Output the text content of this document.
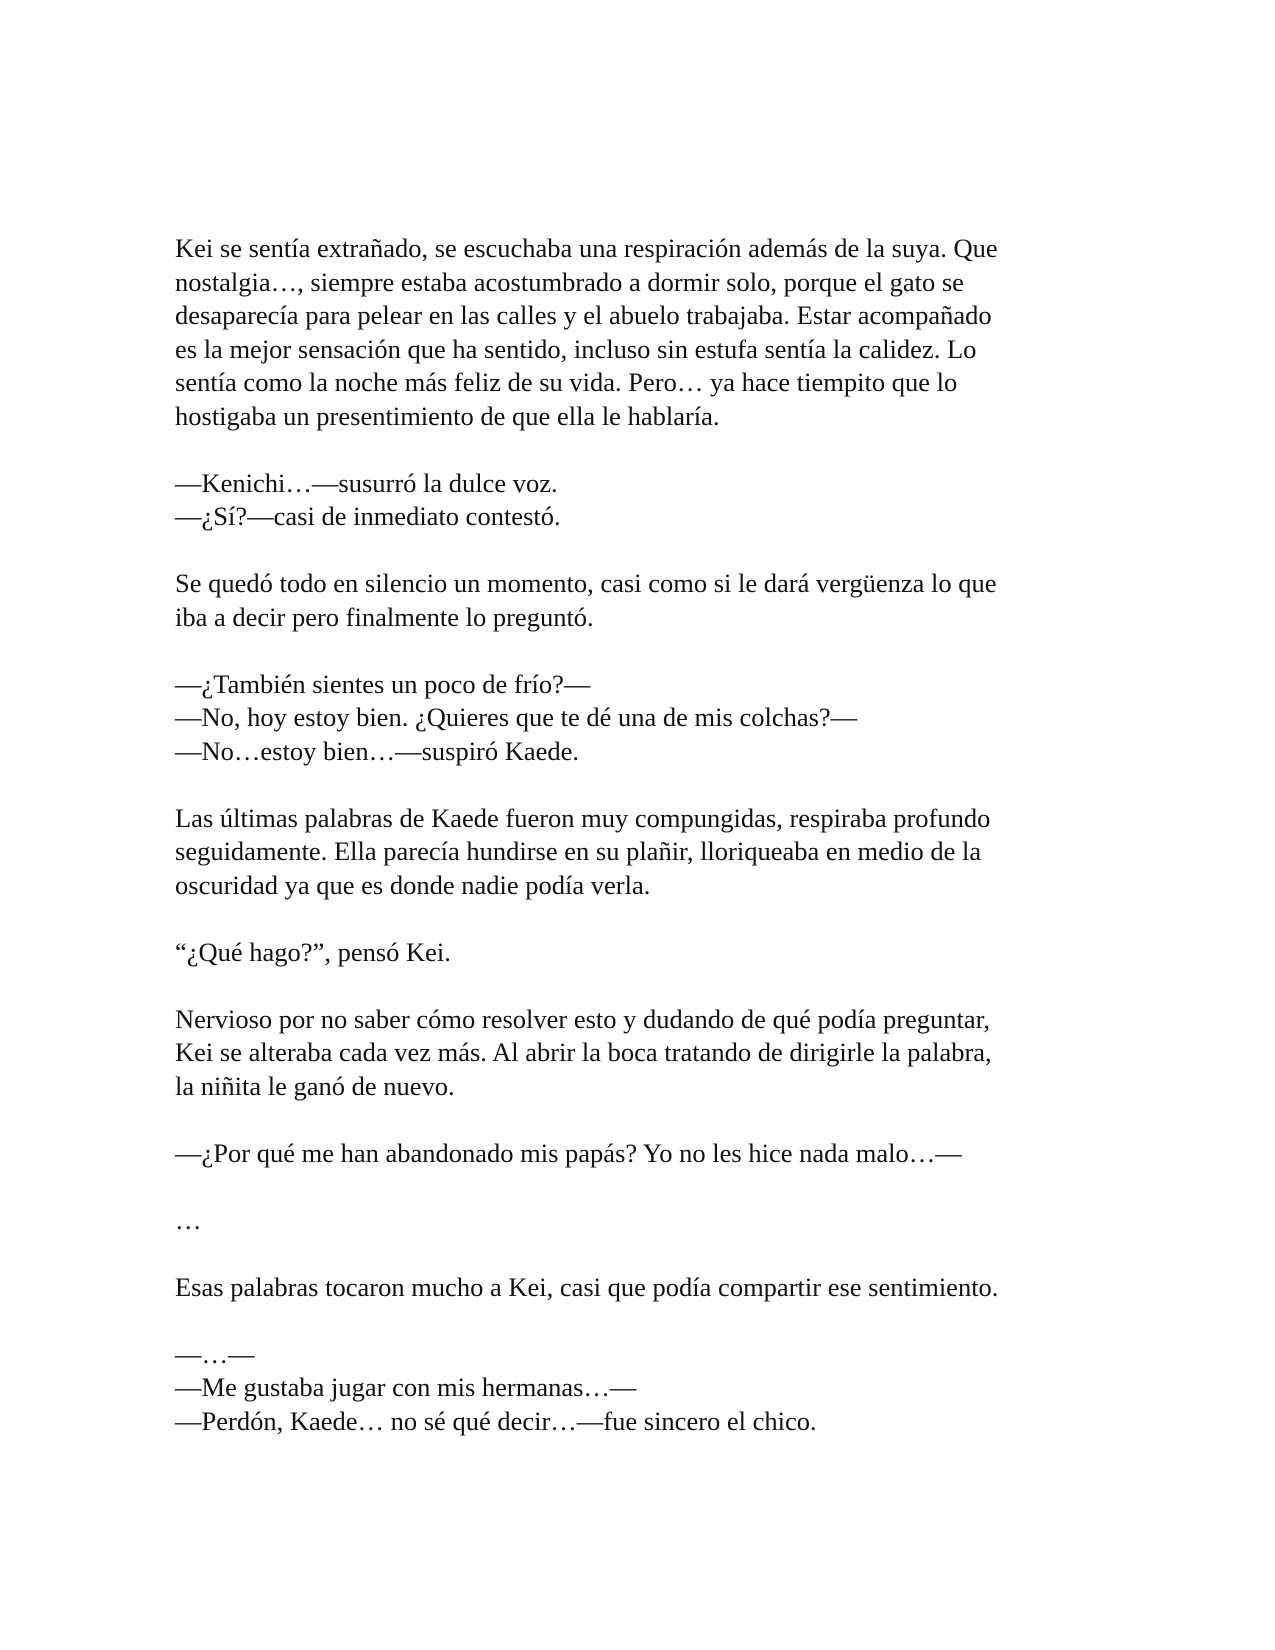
Kei se sentía extrañado, se escuchaba una respiración además de la suya. Que
nostalgia…, siempre estaba acostumbrado a dormir solo, porque el gato se
desaparecía para pelear en las calles y el abuelo trabajaba. Estar acompañado
es la mejor sensación que ha sentido, incluso sin estufa sentía la calidez. Lo
sentía como la noche más feliz de su vida. Pero… ya hace tiempito que lo
hostigaba un presentimiento de que ella le hablaría.
—Kenichi…—susurró la dulce voz.
—¿Sí?—casi de inmediato contestó.
Se quedó todo en silencio un momento, casi como si le dará vergüenza lo que
iba a decir pero finalmente lo preguntó.
—¿También sientes un poco de frío?—
—No, hoy estoy bien. ¿Quieres que te dé una de mis colchas?—
—No…estoy bien…—suspiró Kaede.
Las últimas palabras de Kaede fueron muy compungidas, respiraba profundo
seguidamente. Ella parecía hundirse en su plañir, lloriqueaba en medio de la
oscuridad ya que es donde nadie podía verla.
“¿Qué hago?”, pensó Kei.
Nervioso por no saber cómo resolver esto y dudando de qué podía preguntar,
Kei se alteraba cada vez más. Al abrir la boca tratando de dirigirle la palabra,
la niñita le ganó de nuevo.
—¿Por qué me han abandonado mis papás? Yo no les hice nada malo…—
…
Esas palabras tocaron mucho a Kei, casi que podía compartir ese sentimiento.
—…—
—Me gustaba jugar con mis hermanas…—
—Perdón, Kaede… no sé qué decir…—fue sincero el chico.
